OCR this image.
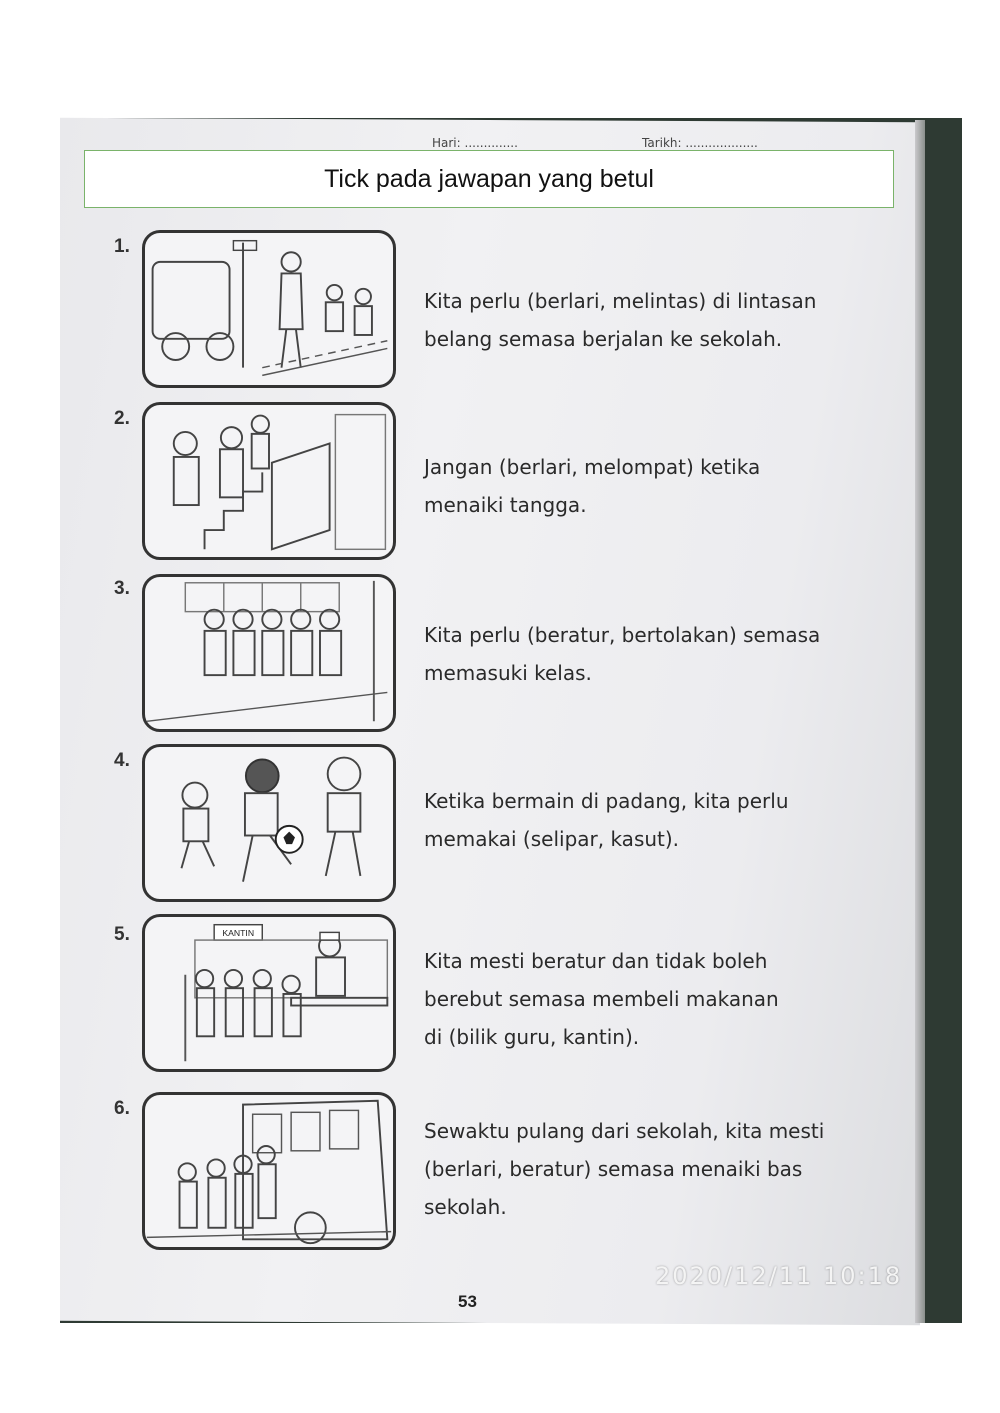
Hari: ..............	Tarikh: ...................
Tick pada jawapan yang betul
1.
Kita perlu (berlari, melintas) di lintasan
belang semasa berjalan ke sekolah.
2.
Jangan (berlari, melompat) ketika
menaiki tangga.
3.
Kita perlu (beratur, bertolakan) semasa
memasuki kelas.
4.
Ketika bermain di padang, kita perlu
memakai (selipar, kasut).
5.	KANTIN
Kita mesti beratur dan tidak boleh
berebut semasa membeli makanan
di (bilik guru, kantin).
6.
Sewaktu pulang dari sekolah, kita mesti
(berlari, beratur) semasa menaiki bas
sekolah.
53
2020/12/11 10:18
